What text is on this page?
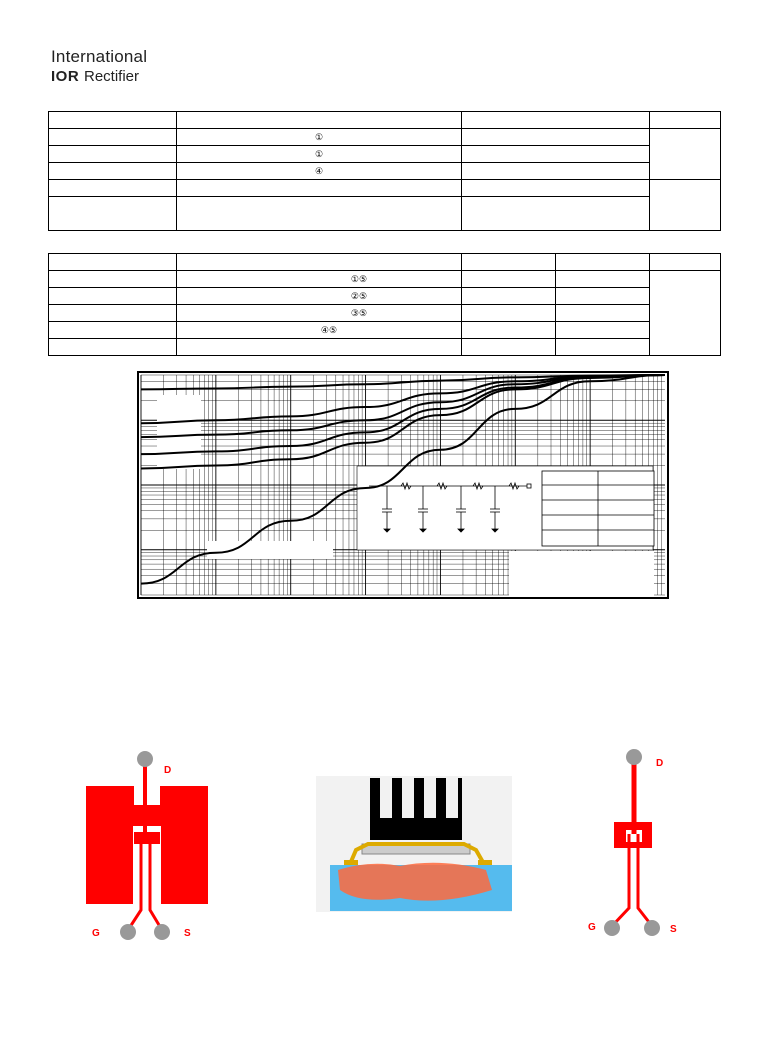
International
IOR Rectifier

	①		
	①		
	④		

	①⑤			
	②⑤			
	③⑤			
	④⑤			

D
G	S
D
G	S
